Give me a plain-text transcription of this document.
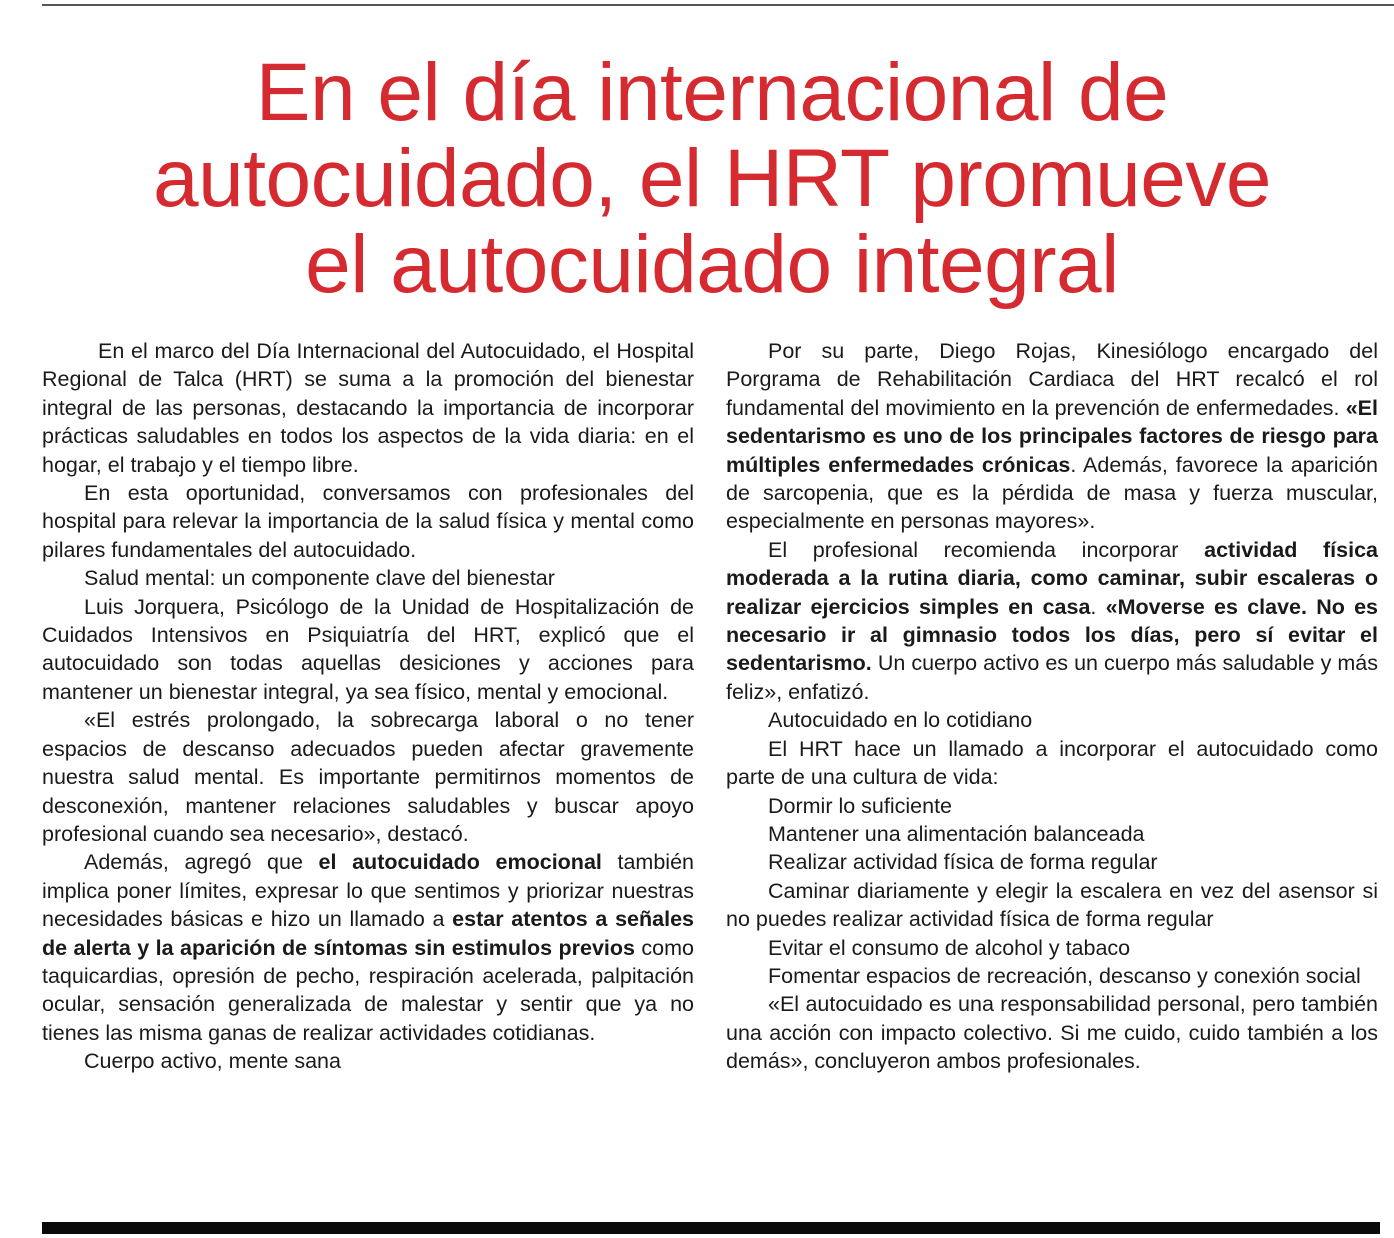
En el día internacional de
autocuidado, el HRT promueve
el autocuidado integral

En el marco del Día Internacional del Autocuidado, el Hospital Regional de Talca (HRT) se suma a la promoción del bienestar integral de las personas, destacando la importancia de incorporar prácticas saludables en todos los aspectos de la vida diaria: en el hogar, el trabajo y el tiempo libre.

En esta oportunidad, conversamos con profesionales del hospital para relevar la importancia de la salud física y mental como pilares fundamentales del autocuidado.

Salud mental: un componente clave del bienestar

Luis Jorquera, Psicólogo de la Unidad de Hospitalización de Cuidados Intensivos en Psiquiatría del HRT, explicó que el autocuidado son todas aquellas desiciones y acciones para mantener un bienestar integral, ya sea físico, mental y emocional.

«El estrés prolongado, la sobrecarga laboral o no tener espacios de descanso adecuados pueden afectar gravemente nuestra salud mental. Es importante permitirnos momentos de desconexión, mantener relaciones saludables y buscar apoyo profesional cuando sea necesario», destacó.

Además, agregó que el autocuidado emocional también implica poner límites, expresar lo que sentimos y priorizar nuestras necesidades básicas e hizo un llamado a estar atentos a señales de alerta y la aparición de síntomas sin estimulos previos como taquicardias, opresión de pecho, respiración acelerada, palpitación ocular, sensación generalizada de malestar y sentir que ya no tienes las misma ganas de realizar actividades cotidianas.

Cuerpo activo, mente sana

Por su parte, Diego Rojas, Kinesiólogo encargado del Porgrama de Rehabilitación Cardiaca del HRT recalcó el rol fundamental del movimiento en la prevención de enfermedades. «El sedentarismo es uno de los principales factores de riesgo para múltiples enfermedades crónicas. Además, favorece la aparición de sarcopenia, que es la pérdida de masa y fuerza muscular, especialmente en personas mayores».

El profesional recomienda incorporar actividad física moderada a la rutina diaria, como caminar, subir escaleras o realizar ejercicios simples en casa. «Moverse es clave. No es necesario ir al gimnasio todos los días, pero sí evitar el sedentarismo. Un cuerpo activo es un cuerpo más saludable y más feliz», enfatizó.

Autocuidado en lo cotidiano

El HRT hace un llamado a incorporar el autocuidado como parte de una cultura de vida:

Dormir lo suficiente

Mantener una alimentación balanceada

Realizar actividad física de forma regular

Caminar diariamente y elegir la escalera en vez del asensor si no puedes realizar actividad física de forma regular

Evitar el consumo de alcohol y tabaco

Fomentar espacios de recreación, descanso y conexión social

«El autocuidado es una responsabilidad personal, pero también una acción con impacto colectivo. Si me cuido, cuido también a los demás», concluyeron ambos profesionales.
